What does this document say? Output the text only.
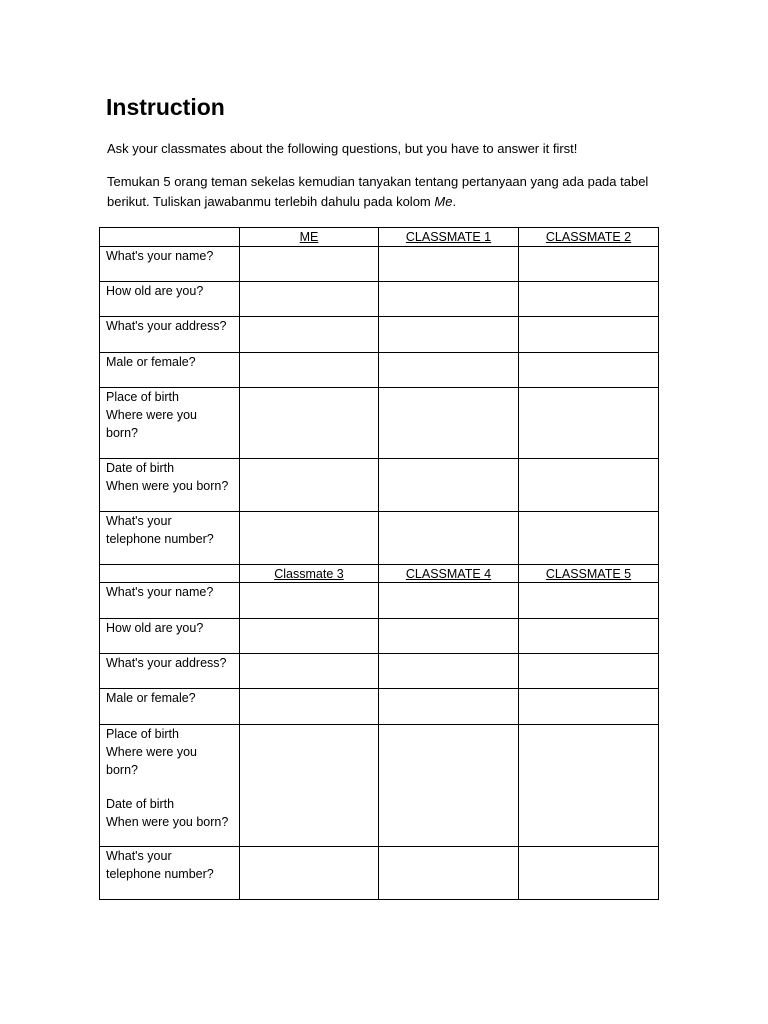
Instruction

Ask your classmates about the following questions, but you have to answer it first!

Temukan 5 orang teman sekelas kemudian tanyakan tentang pertanyaan yang ada pada tabel berikut. Tuliskan jawabanmu terlebih dahulu pada kolom Me.

	ME	CLASSMATE 1	CLASSMATE 2
What's your name?			
How old are you?			
What's your address?			
Male or female?			

Place of birth
Where were you
born?			

Date of birth
When were you born?			

What's your
telephone number?			

	Classmate 3	CLASSMATE 4	CLASSMATE 5
What's your name?			
How old are you?			
What's your address?			
Male or female?			

Place of birth
Where were you
born?
Date of birth
When were you born?			

What's your
telephone number?			
